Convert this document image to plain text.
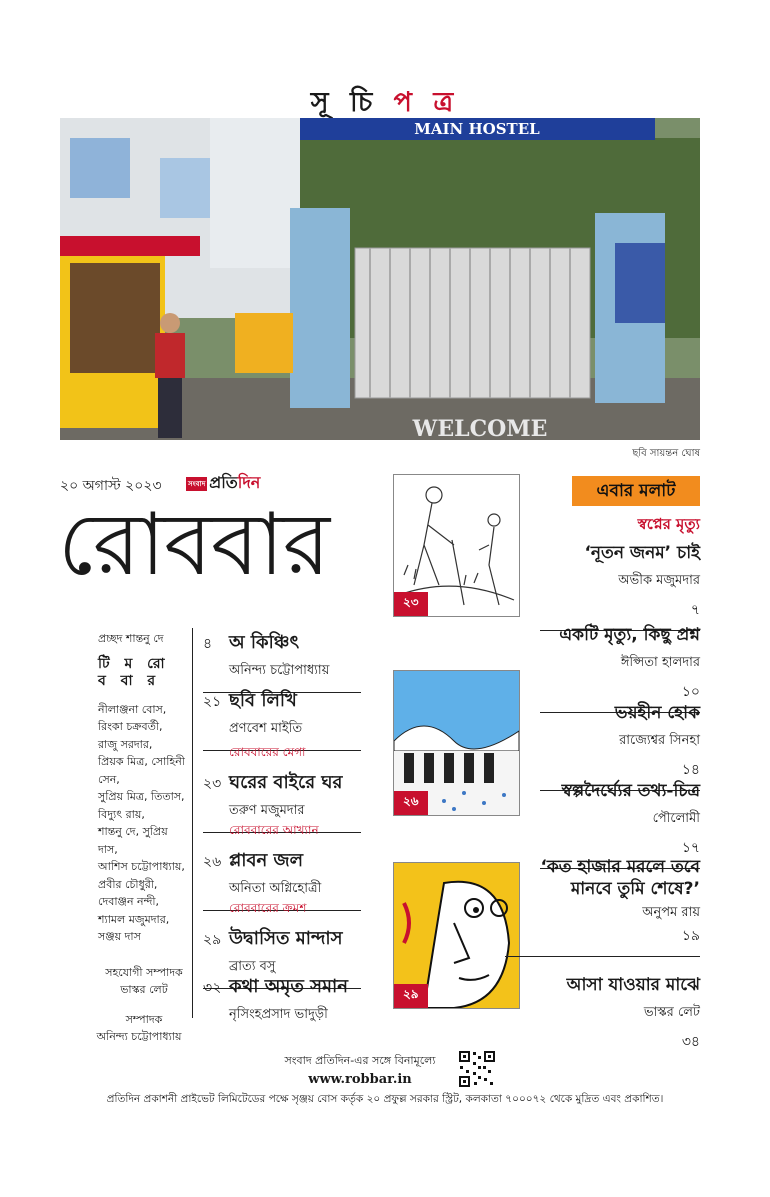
সূ চি প ত্র
MAIN HOSTEL
WELCOME
ছবি সায়ন্তন ঘোষ
২০ অগাস্ট ২০২৩	সংবাদ প্রতিদিন
রোববার
২৩
২৬
২৯
প্রচ্ছদ শান্তনু দে
টি ম রো ব বা র
নীলাঞ্জনা বোস,
রিংকা চক্রবর্তী,
রাজু সরদার,
প্রিয়ক মিত্র, সোহিনী সেন,
সুপ্রিয় মিত্র, তিতাস,
বিদ্যুৎ রায়,
শান্তনু দে, সুপ্রিয় দাস,
আশিস চট্টোপাধ্যায়,
প্রবীর চৌধুরী,
দেবাঞ্জন নন্দী,
শ্যামল মজুমদার,
সঞ্জয় দাস
সহযোগী সম্পাদক
ভাস্কর লেট
সম্পাদক
অনিন্দ্য চট্টোপাধ্যায়
৪ অ কিঞ্চিৎ
অনিন্দ্য চট্টোপাধ্যায়
২১ ছবি লিখি
প্রণবেশ মাইতি
রোববারের মেগা
২৩ ঘরের বাইরে ঘর
তরুণ মজুমদার
রোববারের আখ্যান
২৬ প্লাবন জল
অনিতা অগ্নিহোত্রী
রোববারের ক্রমশ
২৯ উদ্বাসিত মান্দাস
ব্রাত্য বসু
৩২ কথা অমৃত সমান
নৃসিংহপ্রসাদ ভাদুড়ী
এবার মলাট
স্বপ্নের মৃত্যু
‘নূতন জনম’ চাই
অভীক মজুমদার
৭
একটি মৃত্যু, কিছু প্রশ্ন
ঈপ্সিতা হালদার
১০
ভয়হীন হোক
রাজ্যেশ্বর সিনহা
১৪
স্বল্পদৈর্ঘ্যের তথ্য-চিত্র
পৌলোমী
১৭
‘কত হাজার মরলে তবে মানবে তুমি শেষে?’
অনুপম রায়
১৯
আসা যাওয়ার মাঝে
ভাস্কর লেট
৩৪
সংবাদ প্রতিদিন-এর সঙ্গে বিনামূল্যে
www.robbar.in
প্রতিদিন প্রকাশনী প্রাইভেট লিমিটেডের পক্ষে সৃঞ্জয় বোস কর্তৃক ২০ প্রফুল্ল সরকার স্ট্রিট, কলকাতা ৭০০০৭২ থেকে মুদ্রিত এবং প্রকাশিত।
